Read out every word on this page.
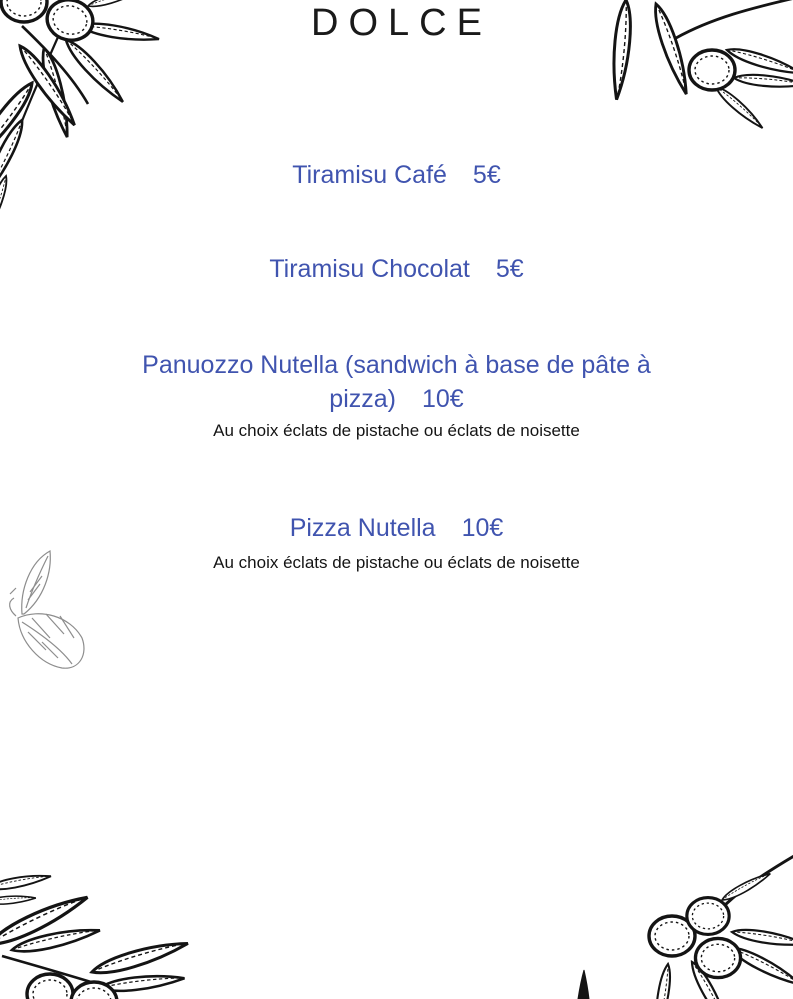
DOLCE
Tiramisu Café 5€
Tiramisu Chocolat 5€
Panuozzo Nutella (sandwich à base de pâte à pizza) 10€
Au choix éclats de pistache ou éclats de noisette
Pizza Nutella 10€
Au choix éclats de pistache ou éclats de noisette
